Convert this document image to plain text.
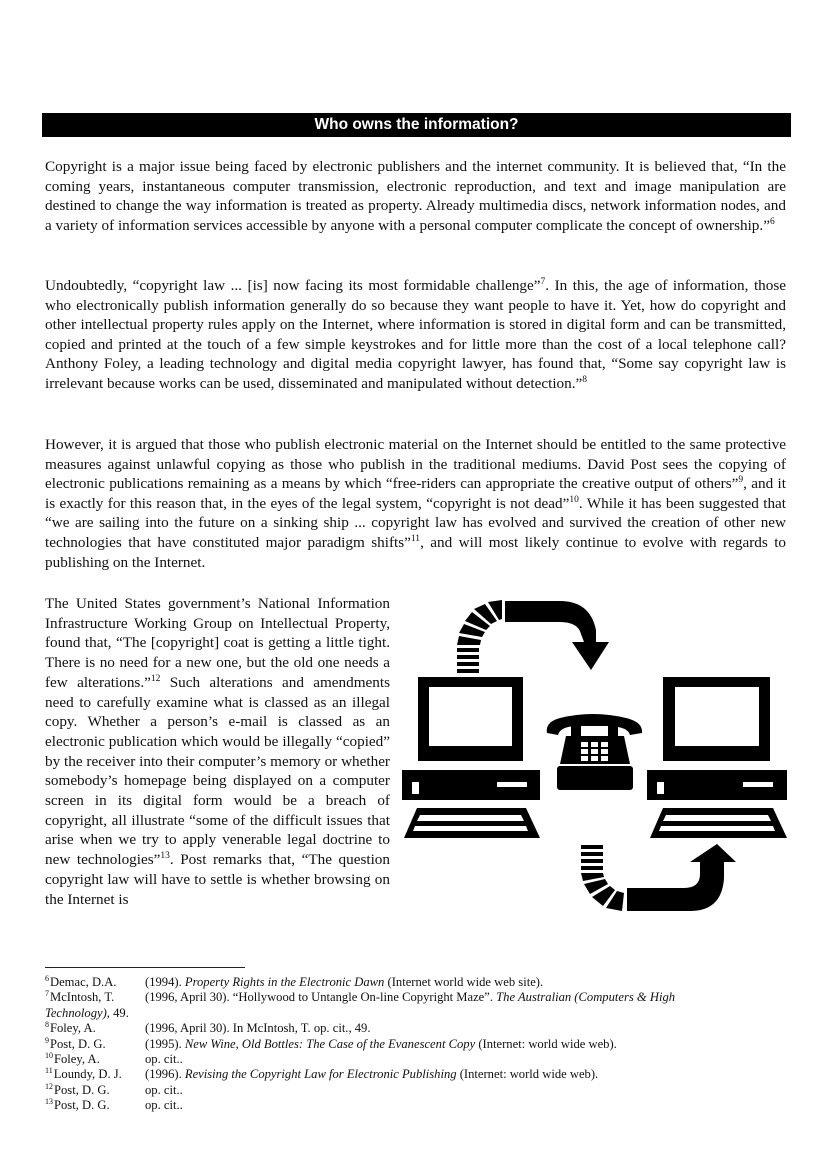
Who owns the information?

Copyright is a major issue being faced by electronic publishers and the internet community. It is believed that, “In the coming years, instantaneous computer transmission, electronic reproduction, and text and image manipulation are destined to change the way information is treated as property. Already multimedia discs, network information nodes, and a variety of information services accessible by anyone with a personal computer complicate the concept of ownership.”$^6$

Undoubtedly, “copyright law ... [is] now facing its most formidable challenge”$^7$. In this, the age of information, those who electronically publish information generally do so because they want people to have it. Yet, how do copyright and other intellectual property rules apply on the Internet, where information is stored in digital form and can be transmitted, copied and printed at the touch of a few simple keystrokes and for little more than the cost of a local telephone call? Anthony Foley, a leading technology and digital media copyright lawyer, has found that, “Some say copyright law is irrelevant because works can be used, disseminated and manipulated without detection.”$^8$

However, it is argued that those who publish electronic material on the Internet should be entitled to the same protective measures against unlawful copying as those who publish in the traditional mediums. David Post sees the copying of electronic publications remaining as a means by which “free-riders can appropriate the creative output of others”$^9$, and it is exactly for this reason that, in the eyes of the legal system, “copyright is not dead”$^{10}$. While it has been suggested that “we are sailing into the future on a sinking ship ... copyright law has evolved and survived the creation of other new technologies that have constituted major paradigm shifts”$^{11}$, and will most likely continue to evolve with regards to publishing on the Internet.

The United States government’s National Information Infrastructure Working Group on Intellectual Property, found that, “The [copyright] coat is getting a little tight. There is no need for a new one, but the old one needs a few alterations.”$^{12}$ Such alterations and amendments need to carefully examine what is classed as an illegal copy. Whether a person’s e-mail is classed as an electronic publication which would be illegally “copied” by the receiver into their computer’s memory or whether somebody’s homepage being displayed on a computer screen in its digital form would be a breach of copyright, all illustrate “some of the difficult issues that arise when we try to apply venerable legal doctrine to new technologies”$^{13}$. Post remarks that, “The question copyright law will have to settle is whether browsing on the Internet is

$^6$Demac, D.A.	(1994). Property Rights in the Electronic Dawn (Internet world wide web site).
$^7$McIntosh, T.	(1996, April 30). “Hollywood to Untangle On-line Copyright Maze”. The Australian (Computers & High
Technology), 49.
$^8$Foley, A.	(1996, April 30). In McIntosh, T. op. cit., 49.
$^9$Post, D. G.	(1995). New Wine, Old Bottles: The Case of the Evanescent Copy (Internet: world wide web).
$^{10}$Foley, A.	op. cit..
$^{11}$Loundy, D. J.	(1996). Revising the Copyright Law for Electronic Publishing (Internet: world wide web).
$^{12}$Post, D. G.	op. cit..
$^{13}$Post, D. G.	op. cit..
